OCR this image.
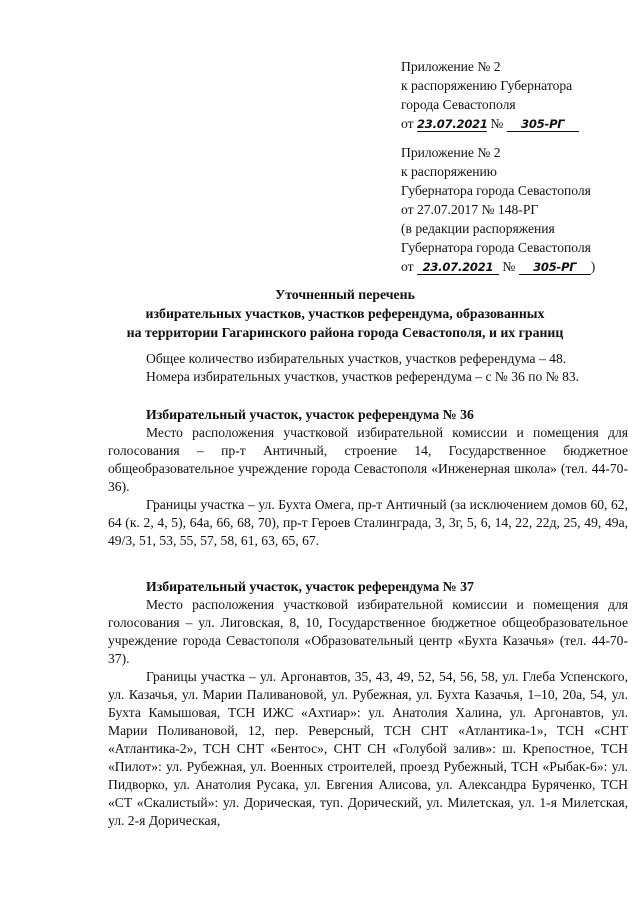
Приложение № 2
к распоряжению Губернатора
города Севастополя
от 23.07.2021 № 305-РГ
Приложение № 2
к распоряжению
Губернатора города Севастополя
от 27.07.2017 № 148-РГ
(в редакции распоряжения
Губернатора города Севастополя
от 23.07.2021 № 305-РГ )
Уточненный перечень
избирательных участков, участков референдума, образованных
на территории Гагаринского района города Севастополя, и их границ

Общее количество избирательных участков, участков референдума – 48.

Номера избирательных участков, участков референдума – с № 36 по № 83.

Избирательный участок, участок референдума № 36

Место расположения участковой избирательной комиссии и помещения для голосования – пр-т Античный, строение 14, Государственное бюджетное общеобразовательное учреждение города Севастополя «Инженерная школа» (тел. 44-70-36).

Границы участка – ул. Бухта Омега, пр-т Античный (за исключением домов 60, 62, 64 (к. 2, 4, 5), 64а, 66, 68, 70), пр-т Героев Сталинграда, 3, 3г, 5, 6, 14, 22, 22д, 25, 49, 49а, 49/3, 51, 53, 55, 57, 58, 61, 63, 65, 67.

Избирательный участок, участок референдума № 37

Место расположения участковой избирательной комиссии и помещения для голосования – ул. Лиговская, 8, 10, Государственное бюджетное общеобразовательное учреждение города Севастополя «Образовательный центр «Бухта Казачья» (тел. 44-70-37).

Границы участка – ул. Аргонавтов, 35, 43, 49, 52, 54, 56, 58, ул. Глеба Успенского, ул. Казачья, ул. Марии Паливановой, ул. Рубежная, ул. Бухта Казачья, 1–10, 20а, 54, ул. Бухта Камышовая, ТСН ИЖС «Ахтиар»: ул. Анатолия Халина, ул. Аргонавтов, ул. Марии Поливановой, 12, пер. Реверсный, ТСН СНТ «Атлантика-1», ТСН «СНТ «Атлантика-2», ТСН СНТ «Бентос», СНТ СН «Голубой залив»: ш. Крепостное, ТСН «Пилот»: ул. Рубежная, ул. Военных строителей, проезд Рубежный, ТСН «Рыбак-6»: ул. Пидворко, ул. Анатолия Русака, ул. Евгения Алисова, ул. Александра Буряченко, ТСН «СТ «Скалистый»: ул. Дорическая, туп. Дорический, ул. Милетская, ул. 1-я Милетская, ул. 2-я Дорическая,
